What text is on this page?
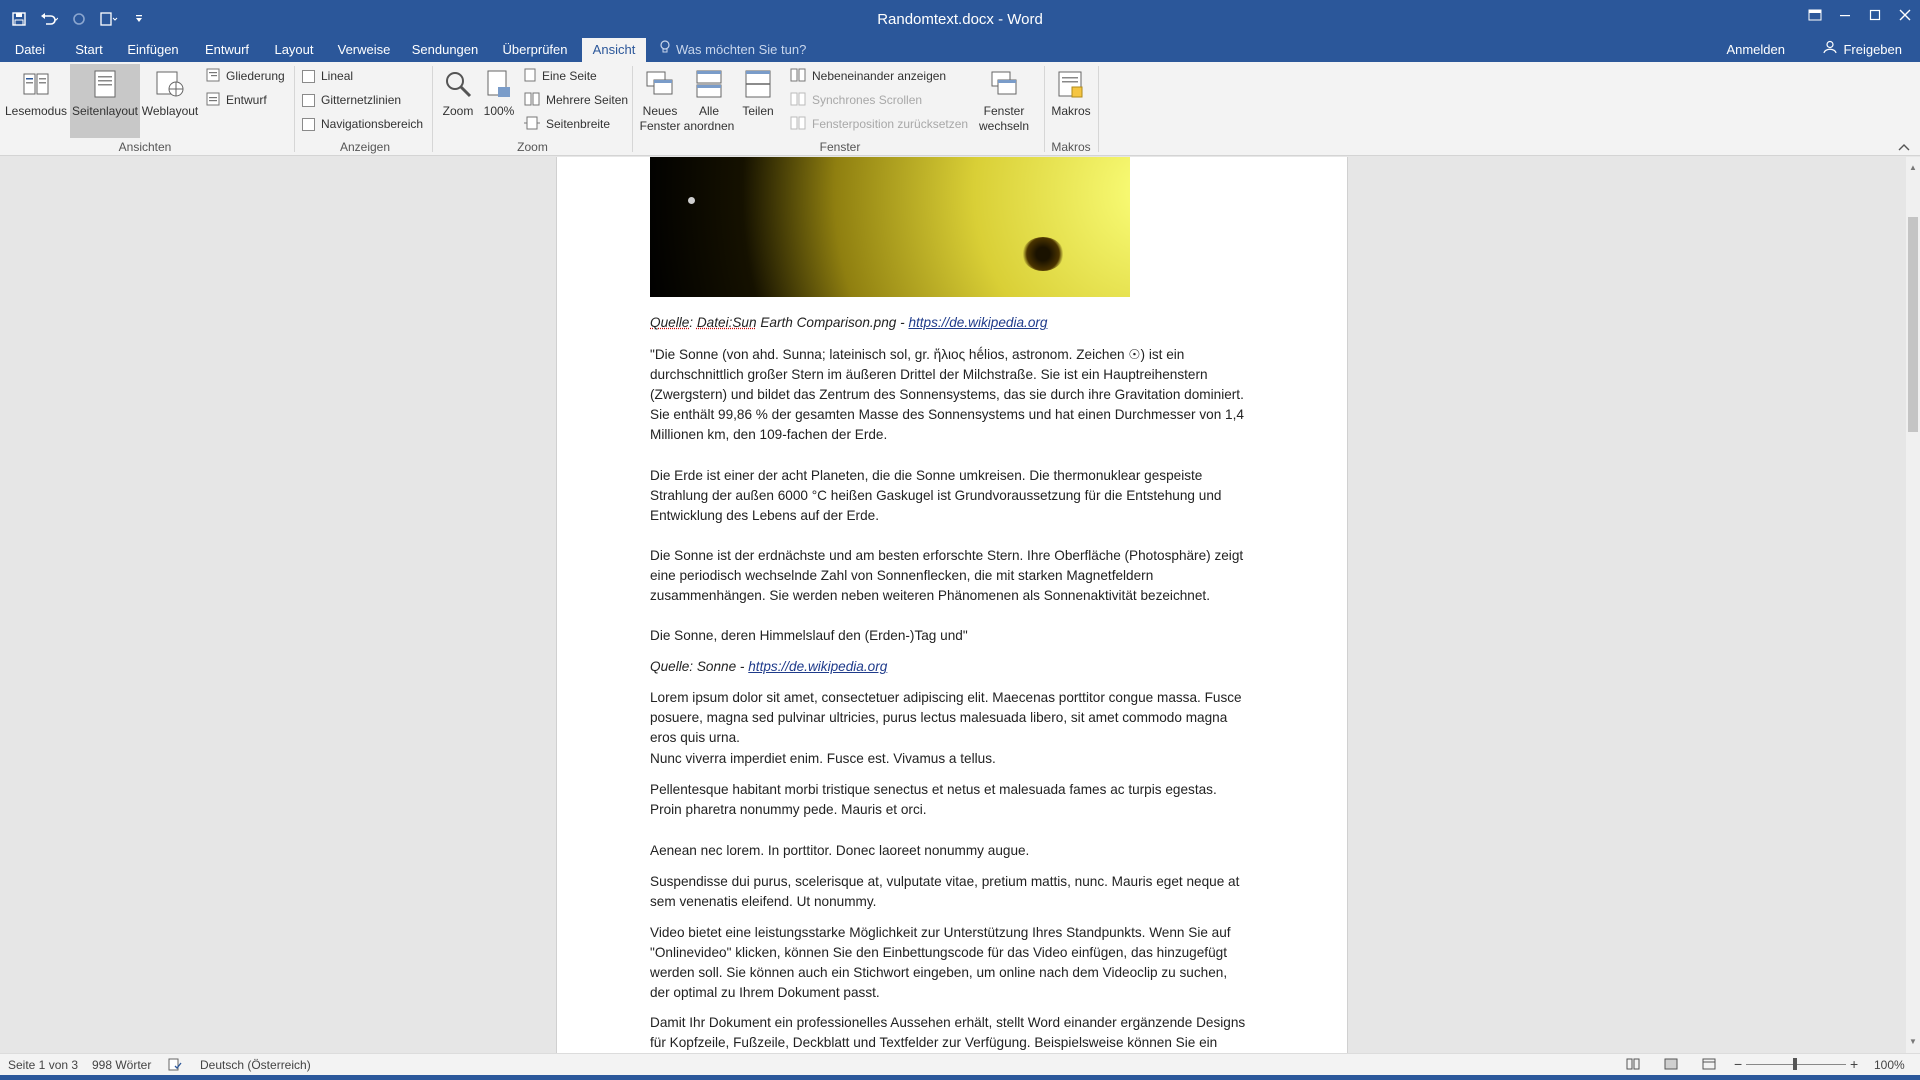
Randomtext.docx - Word
Datei	Start	Einfügen	Entwurf	Layout	Verweise Sendungen	Überprüfen	Ansicht	Was möchten Sie tun?	Anmelden	Freigeben
Lesemodus Seitenlayout Weblayout
Gliederung
Entwurf
Ansichten
Lineal
Gitternetzlinien
Navigationsbereich
Anzeigen
Zoom 100%
Eine Seite
Mehrere Seiten
Seitenbreite
Zoom
Neues
Fenster
Alle
anordnen
Teilen
Nebeneinander anzeigen
Synchrones Scrollen
Fensterposition zurücksetzen
Fenster
wechseln
Fenster
Makros
Makros
Quelle: Datei:Sun Earth Comparison.png - https://de.wikipedia.org
"Die Sonne (von ahd. Sunna; lateinisch sol, gr. ἥλιος hḗlios, astronom. Zeichen ☉) ist ein durchschnittlich großer Stern im äußeren Drittel der Milchstraße. Sie ist ein Hauptreihenstern (Zwergstern) und bildet das Zentrum des Sonnensystems, das sie durch ihre Gravitation dominiert. Sie enthält 99,86 % der gesamten Masse des Sonnensystems und hat einen Durchmesser von 1,4 Millionen km, den 109-fachen der Erde.
Die Erde ist einer der acht Planeten, die die Sonne umkreisen. Die thermonuklear gespeiste Strahlung der außen 6000 °C heißen Gaskugel ist Grundvoraussetzung für die Entstehung und Entwicklung des Lebens auf der Erde.
Die Sonne ist der erdnächste und am besten erforschte Stern. Ihre Oberfläche (Photosphäre) zeigt eine periodisch wechselnde Zahl von Sonnenflecken, die mit starken Magnetfeldern zusammenhängen. Sie werden neben weiteren Phänomenen als Sonnenaktivität bezeichnet.
Die Sonne, deren Himmelslauf den (Erden-)Tag und"
Quelle: Sonne - https://de.wikipedia.org
Lorem ipsum dolor sit amet, consectetuer adipiscing elit. Maecenas porttitor congue massa. Fusce posuere, magna sed pulvinar ultricies, purus lectus malesuada libero, sit amet commodo magna eros quis urna.
Nunc viverra imperdiet enim. Fusce est. Vivamus a tellus.
Pellentesque habitant morbi tristique senectus et netus et malesuada fames ac turpis egestas. Proin pharetra nonummy pede. Mauris et orci.
Aenean nec lorem. In porttitor. Donec laoreet nonummy augue.
Suspendisse dui purus, scelerisque at, vulputate vitae, pretium mattis, nunc. Mauris eget neque at sem venenatis eleifend. Ut nonummy.
Video bietet eine leistungsstarke Möglichkeit zur Unterstützung Ihres Standpunkts. Wenn Sie auf "Onlinevideo" klicken, können Sie den Einbettungscode für das Video einfügen, das hinzugefügt werden soll. Sie können auch ein Stichwort eingeben, um online nach dem Videoclip zu suchen, der optimal zu Ihrem Dokument passt.
Damit Ihr Dokument ein professionelles Aussehen erhält, stellt Word einander ergänzende Designs für Kopfzeile, Fußzeile, Deckblatt und Textfelder zur Verfügung. Beispielsweise können Sie ein
▲
▼
Seite 1 von 3 998 Wörter	Deutsch (Österreich)	−	+ 100%
